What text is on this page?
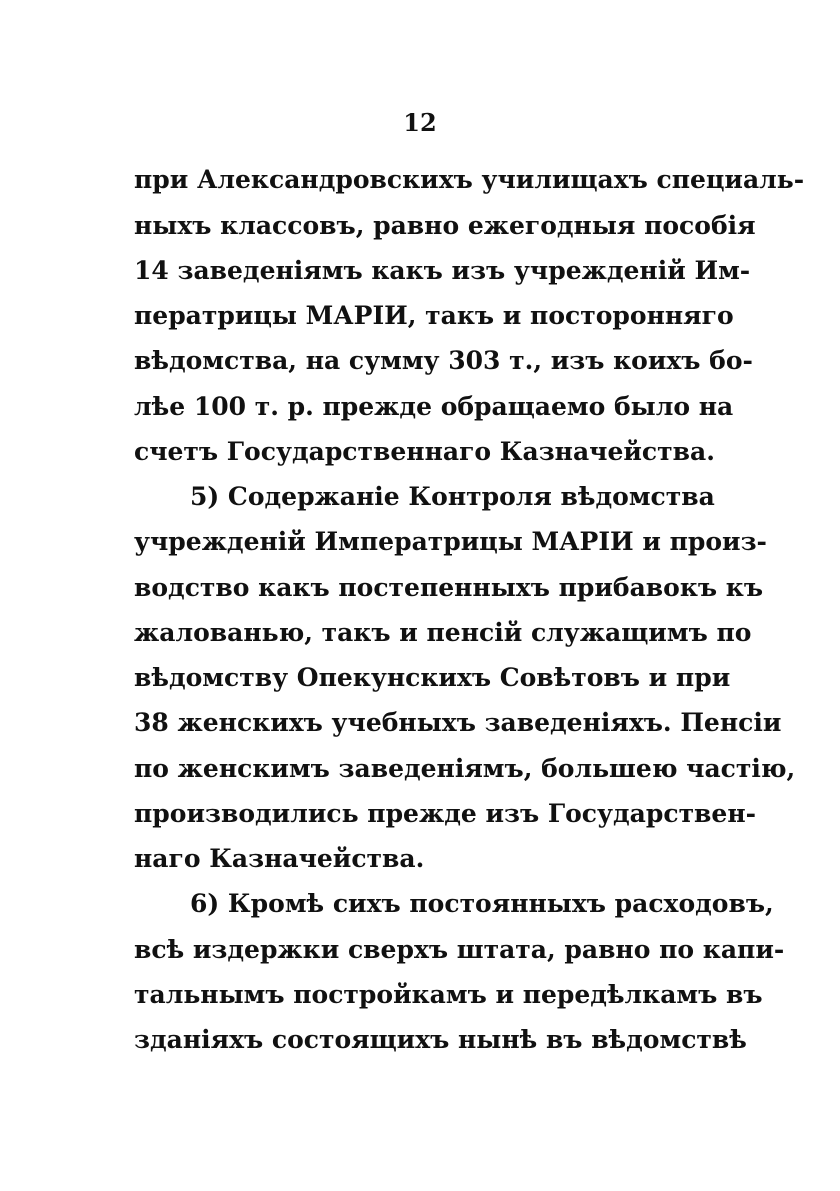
12
при Александровскихъ училищахъ специаль-
ныхъ классовъ, равно ежегодныя пособія
14 заведеніямъ какъ изъ учрежденій Им-
ператрицы МАРІИ, такъ и посторонняго
вѣдомства, на сумму 303 т., изъ коихъ бо-
лѣе 100 т. р. прежде обращаемо было на
счетъ Государственнаго Казначейства.
5) Содержаніе Контроля вѣдомства
учрежденій Императрицы МАРІИ и произ-
водство какъ постепенныхъ прибавокъ къ
жалованью, такъ и пенсій служащимъ по
вѣдомству Опекунскихъ Совѣтовъ и при
38 женскихъ учебныхъ заведеніяхъ. Пенсіи
по женскимъ заведеніямъ, большею частію,
производились прежде изъ Государствен-
наго Казначейства.
6) Кромѣ сихъ постоянныхъ расходовъ,
всѣ издержки сверхъ штата, равно по капи-
тальнымъ постройкамъ и передѣлкамъ въ
зданіяхъ состоящихъ нынѣ въ вѣдомствѣ
